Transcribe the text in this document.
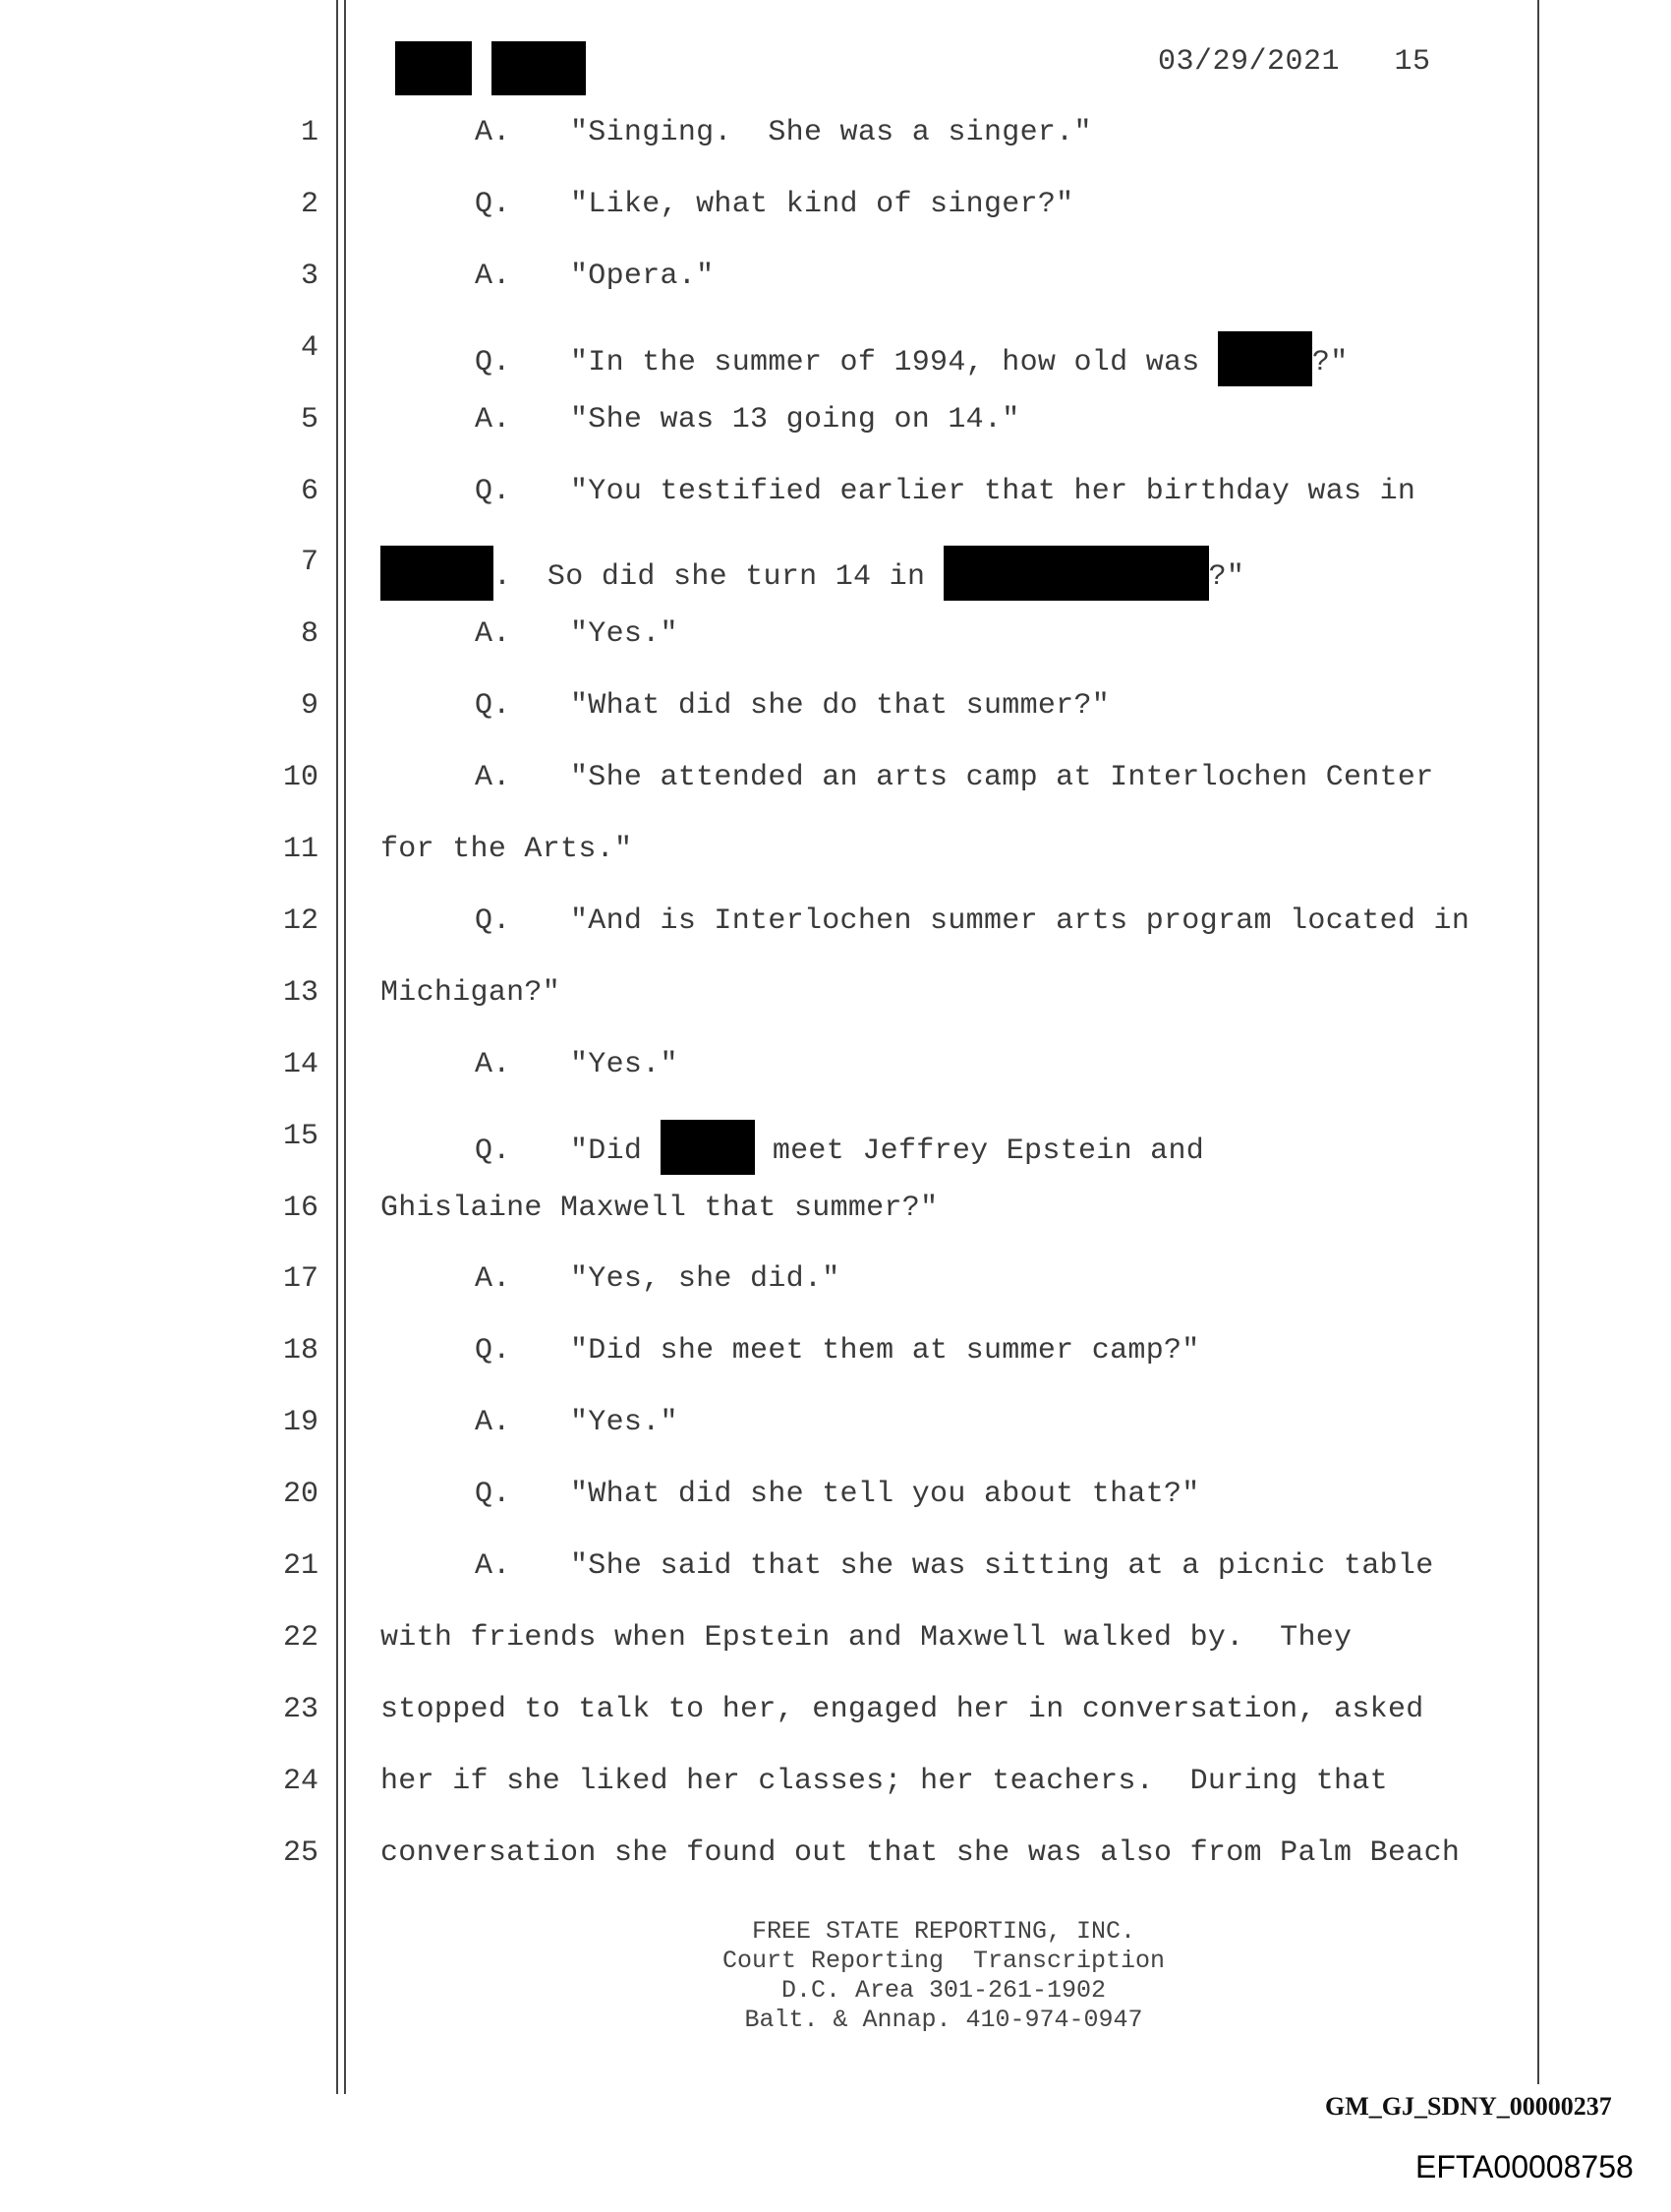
03/29/2021 15
1	A. "Singing.  She was a singer."
2	Q. "Like, what kind of singer?"
3	A. "Opera."
4	Q. "In the summer of 1994, how old was	?"
5	A. "She was 13 going on 14."
6	Q. "You testified earlier that her birthday was in
7	.  So did she turn 14 in	?"
8	A. "Yes."
9	Q. "What did she do that summer?"
10	A. "She attended an arts camp at Interlochen Center
11 for the Arts."
12	Q. "And is Interlochen summer arts program located in
13 Michigan?"
14	A. "Yes."
15	Q. "Did	meet Jeffrey Epstein and
16 Ghislaine Maxwell that summer?"
17	A. "Yes, she did."
18	Q. "Did she meet them at summer camp?"
19	A. "Yes."
20	Q. "What did she tell you about that?"
21	A. "She said that she was sitting at a picnic table
22 with friends when Epstein and Maxwell walked by.  They
23 stopped to talk to her, engaged her in conversation, asked
24 her if she liked her classes; her teachers.  During that
25 conversation she found out that she was also from Palm Beach
FREE STATE REPORTING, INC.
Court Reporting  Transcription
D.C. Area 301-261-1902
Balt. & Annap. 410-974-0947
GM_GJ_SDNY_00000237
EFTA00008758
